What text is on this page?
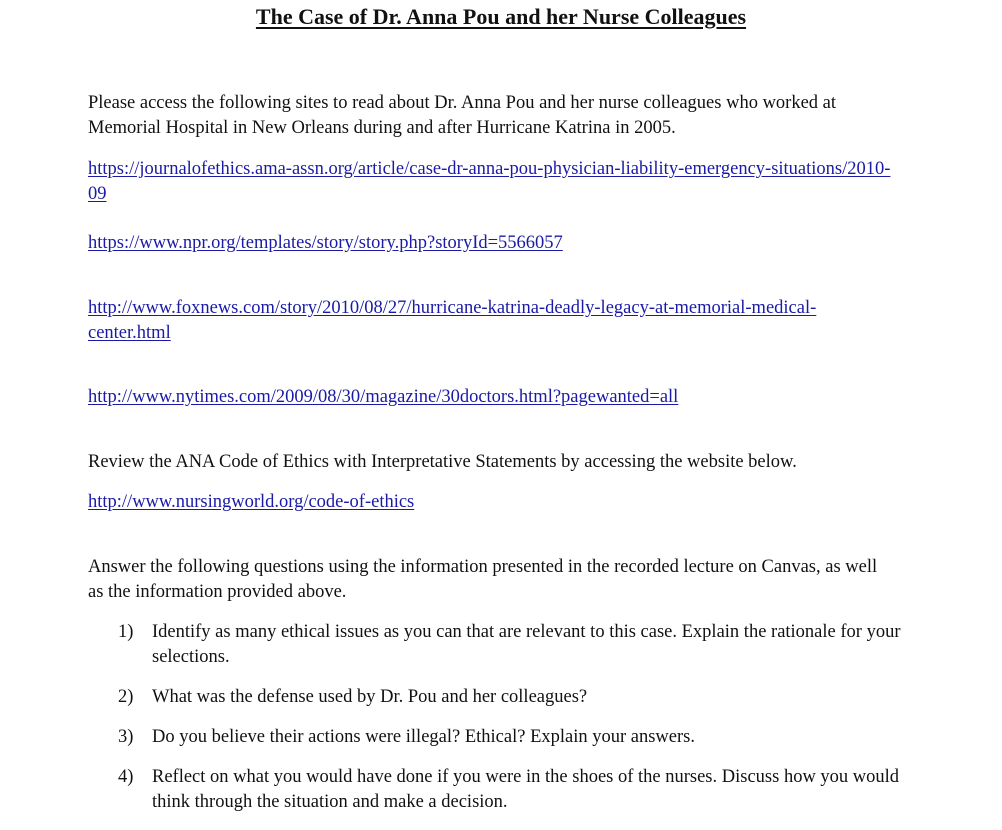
The Case of Dr. Anna Pou and her Nurse Colleagues

Please access the following sites to read about Dr. Anna Pou and her nurse colleagues who worked at Memorial Hospital in New Orleans during and after Hurricane Katrina in 2005.

https://journalofethics.ama-assn.org/article/case-dr-anna-pou-physician-liability-emergency-situations/2010-09
https://www.npr.org/templates/story/story.php?storyId=5566057
http://www.foxnews.com/story/2010/08/27/hurricane-katrina-deadly-legacy-at-memorial-medical-center.html
http://www.nytimes.com/2009/08/30/magazine/30doctors.html?pagewanted=all

Review the ANA Code of Ethics with Interpretative Statements by accessing the website below.

http://www.nursingworld.org/code-of-ethics

Answer the following questions using the information presented in the recorded lecture on Canvas, as well as the information provided above.

1)	Identify as many ethical issues as you can that are relevant to this case. Explain the rationale for your selections.
2)	What was the defense used by Dr. Pou and her colleagues?
3)	Do you believe their actions were illegal? Ethical? Explain your answers.
4)	Reflect on what you would have done if you were in the shoes of the nurses. Discuss how you would think through the situation and make a decision.
